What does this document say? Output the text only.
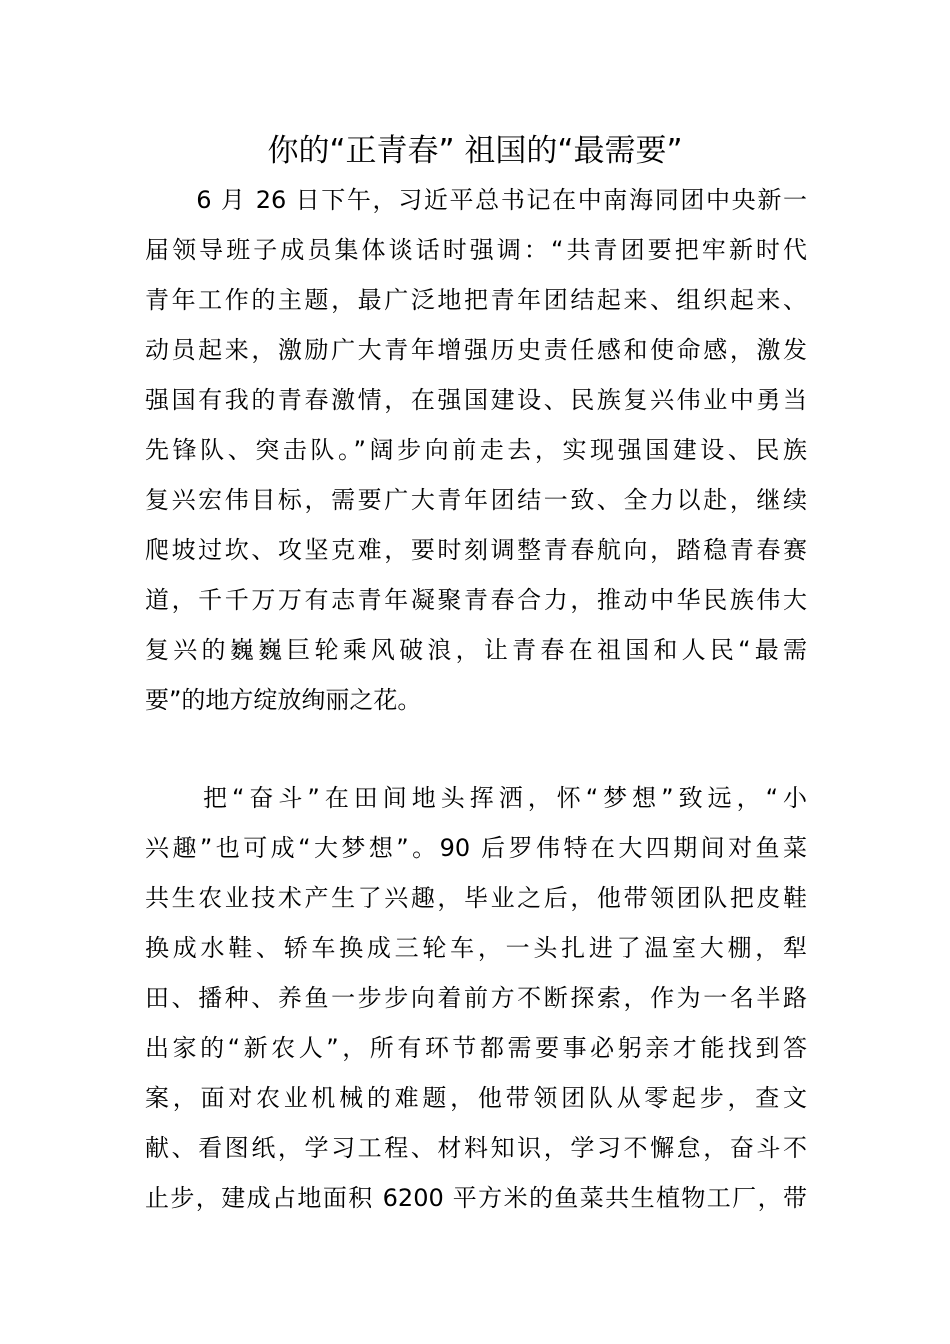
你的“正青春” 祖国的“最需要”
　　6 月 26 日下午，习近平总书记在中南海同团中央新一
届领导班子成员集体谈话时强调：“共青团要把牢新时代
青年工作的主题，最广泛地把青年团结起来、组织起来、
动员起来，激励广大青年增强历史责任感和使命感，激发
强国有我的青春激情，在强国建设、民族复兴伟业中勇当
先锋队、突击队。”阔步向前走去，实现强国建设、民族
复兴宏伟目标，需要广大青年团结一致、全力以赴，继续
爬坡过坎、攻坚克难，要时刻调整青春航向，踏稳青春赛
道，千千万万有志青年凝聚青春合力，推动中华民族伟大
复兴的巍巍巨轮乘风破浪，让青春在祖国和人民“最需
要”的地方绽放绚丽之花。
　　把“奋斗”在田间地头挥洒，怀“梦想”致远，“小
兴趣”也可成“大梦想”。90 后罗伟特在大四期间对鱼菜
共生农业技术产生了兴趣，毕业之后，他带领团队把皮鞋
换成水鞋、轿车换成三轮车，一头扎进了温室大棚，犁
田、播种、养鱼一步步向着前方不断探索，作为一名半路
出家的“新农人”，所有环节都需要事必躬亲才能找到答
案，面对农业机械的难题，他带领团队从零起步，查文
献、看图纸，学习工程、材料知识，学习不懈怠，奋斗不
止步，建成占地面积 6200 平方米的鱼菜共生植物工厂，带
